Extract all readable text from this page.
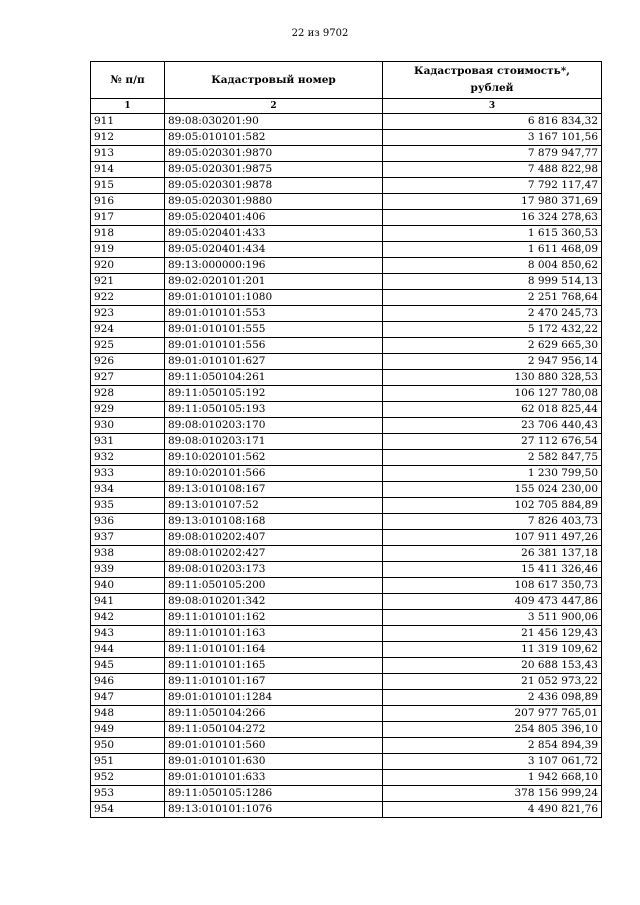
22 из 9702
№ п/п	Кадастровый номер	Кадастровая стоимость*,
рублей
1	2	3
911	89:08:030201:90	6 816 834,32
912	89:05:010101:582	3 167 101,56
913	89:05:020301:9870	7 879 947,77
914	89:05:020301:9875	7 488 822,98
915	89:05:020301:9878	7 792 117,47
916	89:05:020301:9880	17 980 371,69
917	89:05:020401:406	16 324 278,63
918	89:05:020401:433	1 615 360,53
919	89:05:020401:434	1 611 468,09
920	89:13:000000:196	8 004 850,62
921	89:02:020101:201	8 999 514,13
922	89:01:010101:1080	2 251 768,64
923	89:01:010101:553	2 470 245,73
924	89:01:010101:555	5 172 432,22
925	89:01:010101:556	2 629 665,30
926	89:01:010101:627	2 947 956,14
927	89:11:050104:261	130 880 328,53
928	89:11:050105:192	106 127 780,08
929	89:11:050105:193	62 018 825,44
930	89:08:010203:170	23 706 440,43
931	89:08:010203:171	27 112 676,54
932	89:10:020101:562	2 582 847,75
933	89:10:020101:566	1 230 799,50
934	89:13:010108:167	155 024 230,00
935	89:13:010107:52	102 705 884,89
936	89:13:010108:168	7 826 403,73
937	89:08:010202:407	107 911 497,26
938	89:08:010202:427	26 381 137,18
939	89:08:010203:173	15 411 326,46
940	89:11:050105:200	108 617 350,73
941	89:08:010201:342	409 473 447,86
942	89:11:010101:162	3 511 900,06
943	89:11:010101:163	21 456 129,43
944	89:11:010101:164	11 319 109,62
945	89:11:010101:165	20 688 153,43
946	89:11:010101:167	21 052 973,22
947	89:01:010101:1284	2 436 098,89
948	89:11:050104:266	207 977 765,01
949	89:11:050104:272	254 805 396,10
950	89:01:010101:560	2 854 894,39
951	89:01:010101:630	3 107 061,72
952	89:01:010101:633	1 942 668,10
953	89:11:050105:1286	378 156 999,24
954	89:13:010101:1076	4 490 821,76
